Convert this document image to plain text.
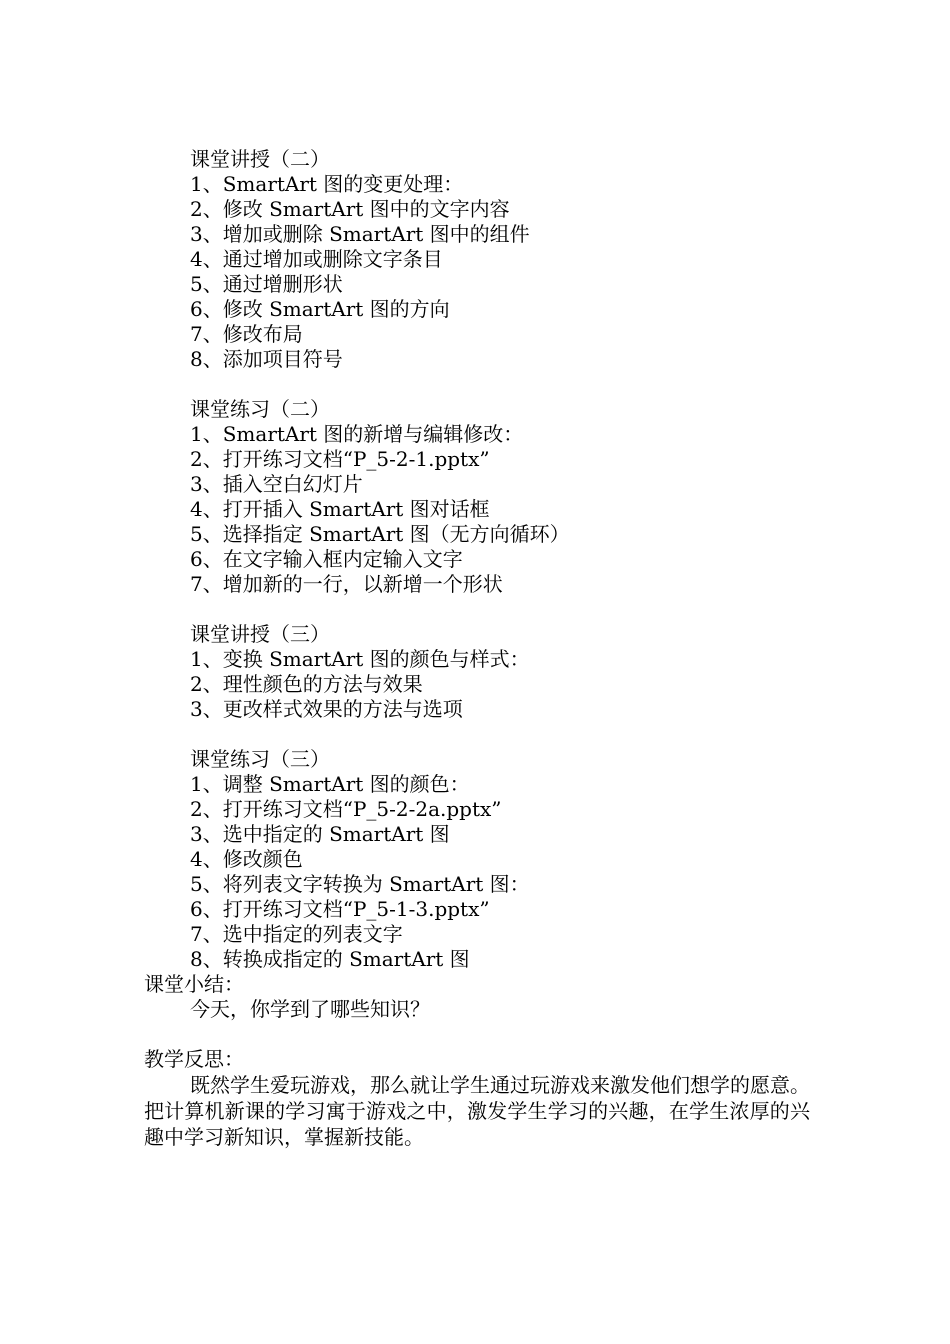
课堂讲授（二）
1、SmartArt 图的变更处理：
2、修改 SmartArt 图中的文字内容
3、增加或删除 SmartArt 图中的组件
4、通过增加或删除文字条目
5、通过增删形状
6、修改 SmartArt 图的方向
7、修改布局
8、添加项目符号
课堂练习（二）
1、SmartArt 图的新增与编辑修改：
2、打开练习文档“P_5-2-1.pptx”
3、插入空白幻灯片
4、打开插入 SmartArt 图对话框
5、选择指定 SmartArt 图（无方向循环）
6、在文字输入框内定输入文字
7、增加新的一行，以新增一个形状
课堂讲授（三）
1、变换 SmartArt 图的颜色与样式：
2、理性颜色的方法与效果
3、更改样式效果的方法与选项
课堂练习（三）
1、调整 SmartArt 图的颜色：
2、打开练习文档“P_5-2-2a.pptx”
3、选中指定的 SmartArt 图
4、修改颜色
5、将列表文字转换为 SmartArt 图：
6、打开练习文档“P_5-1-3.pptx”
7、选中指定的列表文字
8、转换成指定的 SmartArt 图
课堂小结：
今天，你学到了哪些知识？
教学反思：

既然学生爱玩游戏，那么就让学生通过玩游戏来激发他们想学的愿意。把计算机新课的学习寓于游戏之中，激发学生学习的兴趣，在学生浓厚的兴趣中学习新知识，掌握新技能。
